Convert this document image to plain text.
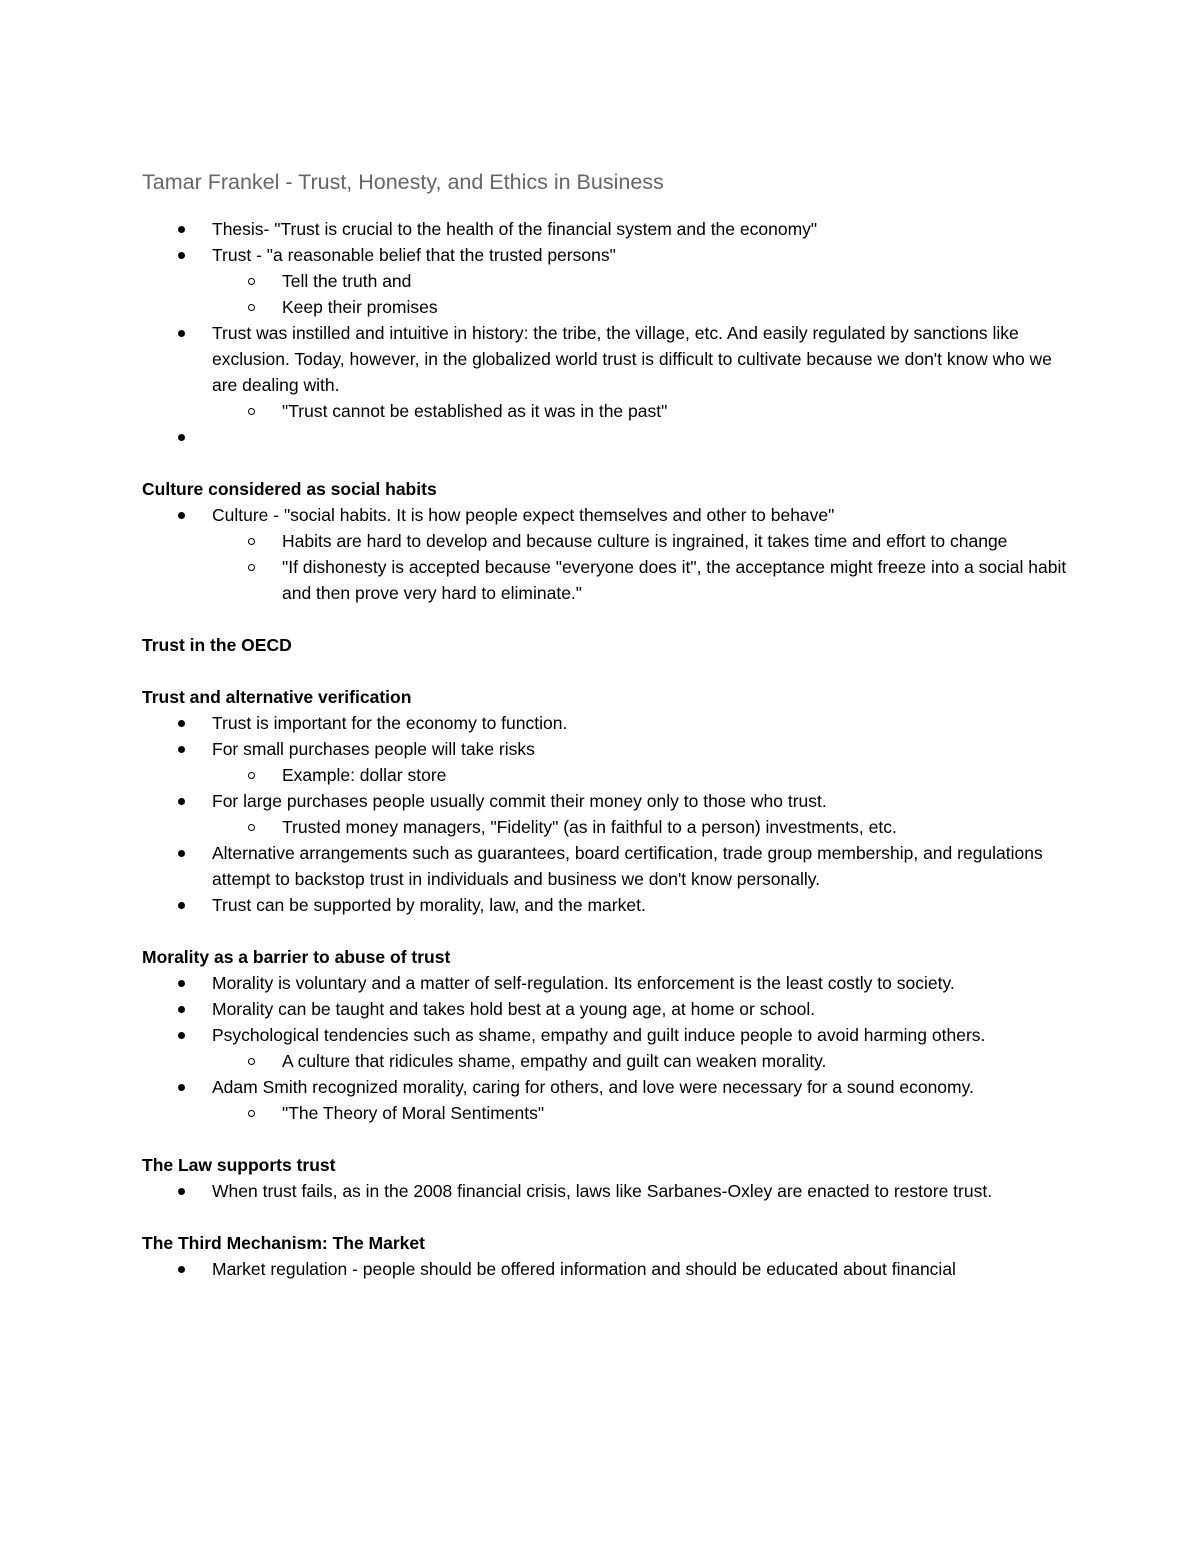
Tamar Frankel - Trust, Honesty, and Ethics in Business
Thesis- "Trust is crucial to the health of the financial system and the economy"
Trust - "a reasonable belief that the trusted persons"
Tell the truth and
Keep their promises
Trust was instilled and intuitive in history: the tribe, the village, etc. And easily regulated by sanctions like exclusion. Today, however, in the globalized world trust is difficult to cultivate because we don't know who we are dealing with.
"Trust cannot be established as it was in the past"

Culture considered as social habits
Culture - "social habits. It is how people expect themselves and other to behave"
Habits are hard to develop and because culture is ingrained, it takes time and effort to change
"If dishonesty is accepted because "everyone does it", the acceptance might freeze into a social habit and then prove very hard to eliminate."
Trust in the OECD
Trust and alternative verification
Trust is important for the economy to function.
For small purchases people will take risks
Example: dollar store
For large purchases people usually commit their money only to those who trust.
Trusted money managers, "Fidelity" (as in faithful to a person) investments, etc.
Alternative arrangements such as guarantees, board certification, trade group membership, and regulations attempt to backstop trust in individuals and business we don't know personally.
Trust can be supported by morality, law, and the market.
Morality as a barrier to abuse of trust
Morality is voluntary and a matter of self-regulation. Its enforcement is the least costly to society.
Morality can be taught and takes hold best at a young age, at home or school.
Psychological tendencies such as shame, empathy and guilt induce people to avoid harming others.
A culture that ridicules shame, empathy and guilt can weaken morality.
Adam Smith recognized morality, caring for others, and love were necessary for a sound economy.
"The Theory of Moral Sentiments"
The Law supports trust
When trust fails, as in the 2008 financial crisis, laws like Sarbanes-Oxley are enacted to restore trust.
The Third Mechanism: The Market
Market regulation - people should be offered information and should be educated about financial
